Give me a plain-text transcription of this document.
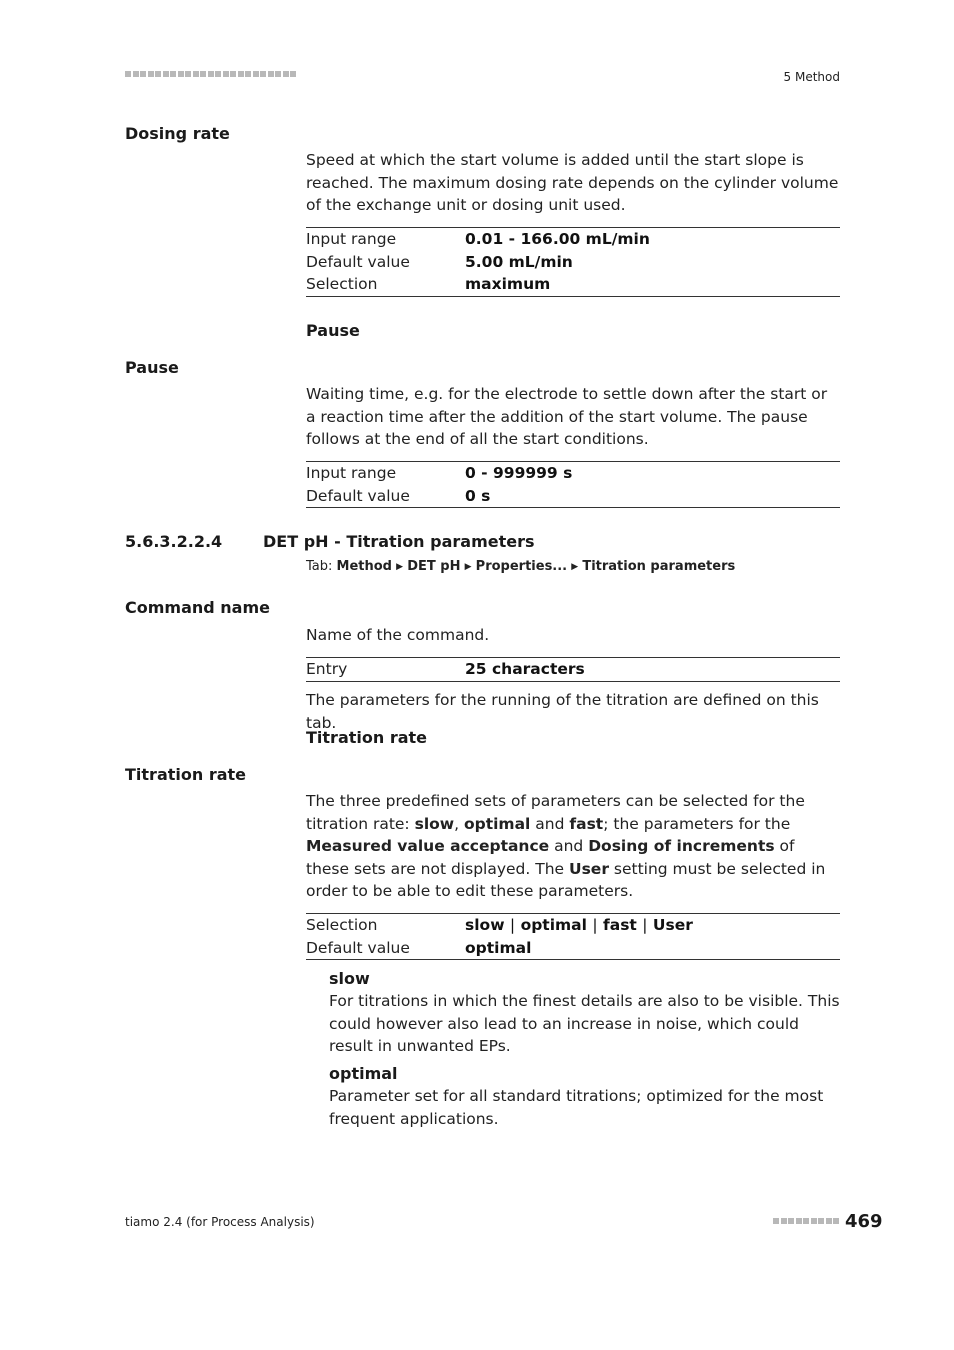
5 Method
Dosing rate
Speed at which the start volume is added until the start slope is reached. The maximum dosing rate depends on the cylinder volume of the exchange unit or dosing unit used.
Input range	0.01 - 166.00 mL/min
Default value	5.00 mL/min
Selection	maximum
Pause
Pause
Waiting time, e.g. for the electrode to settle down after the start or a reaction time after the addition of the start volume. The pause follows at the end of all the start conditions.
Input range	0 - 999999 s
Default value	0 s
5.6.3.2.2.4	DET pH - Titration parameters
Tab: Method ▶ DET pH ▶ Properties... ▶ Titration parameters
Command name
Name of the command.
Entry	25 characters
The parameters for the running of the titration are defined on this tab.
Titration rate
Titration rate
The three predefined sets of parameters can be selected for the titration rate: slow, optimal and fast; the parameters for the Measured value acceptance and Dosing of increments of these sets are not displayed. The User setting must be selected in order to be able to edit these parameters.
Selection	slow | optimal | fast | User
Default value	optimal
slow
For titrations in which the finest details are also to be visible. This could however also lead to an increase in noise, which could result in unwanted EPs.
optimal
Parameter set for all standard titrations; optimized for the most frequent applications.
tiamo 2.4 (for Process Analysis)	469
